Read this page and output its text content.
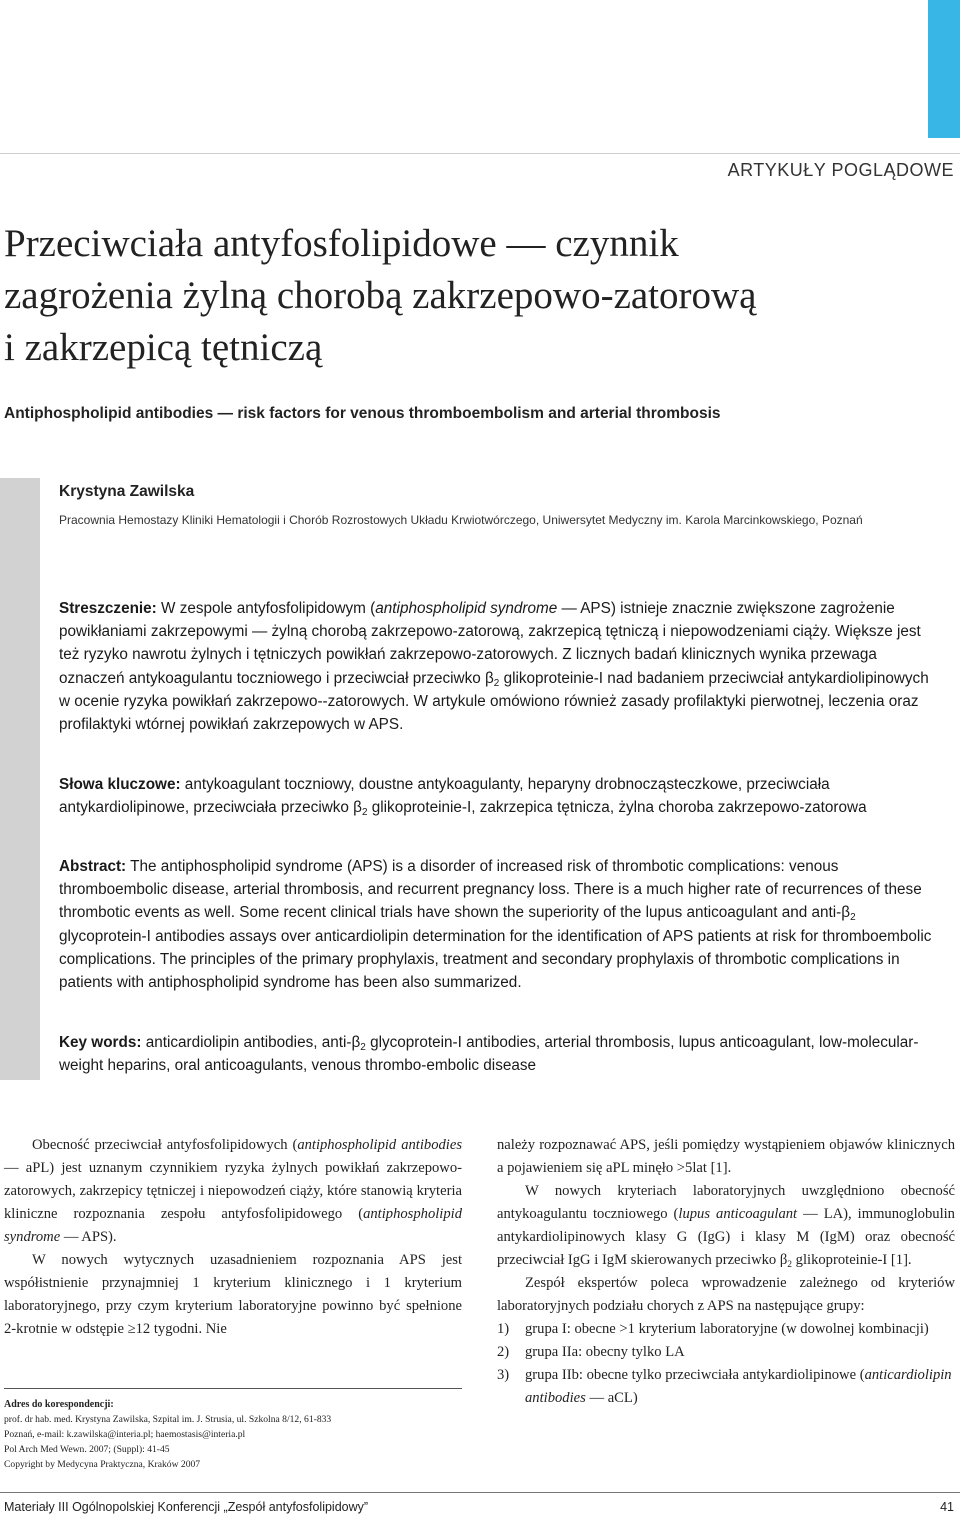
ARTYKUŁY POGLĄDOWE
Przeciwciała antyfosfolipidowe — czynnik
zagrożenia żylną chorobą zakrzepowo-zatorową
i zakrzepicą tętniczą
Antiphospholipid antibodies — risk factors for venous thromboembolism and arterial thrombosis
Krystyna Zawilska
Pracownia Hemostazy Kliniki Hematologii i Chorób Rozrostowych Układu Krwiotwórczego, Uniwersytet Medyczny im. Karola Marcinkowskiego, Poznań
Streszczenie: W zespole antyfosfolipidowym (antiphospholipid syndrome — APS) istnieje znacznie zwiększone zagrożenie powikłaniami zakrzepowymi — żylną chorobą zakrzepowo-zatorową, zakrzepicą tętniczą i niepowodzeniami ciąży. Większe jest też ryzyko nawrotu żylnych i tętniczych powikłań zakrzepowo-zatorowych. Z licznych badań klinicznych wynika przewaga oznaczeń antykoagulantu toczniowego i przeciwciał przeciwko $\beta_2$ glikoproteinie-I nad badaniem przeciwciał antykardiolipinowych w ocenie ryzyka powikłań zakrzepowo--zatorowych. W artykule omówiono również zasady profilaktyki pierwotnej, leczenia oraz profilaktyki wtórnej powikłań zakrzepowych w APS.
Słowa kluczowe: antykoagulant toczniowy, doustne antykoagulanty, heparyny drobnocząsteczkowe, przeciwciała antykardiolipinowe, przeciwciała przeciwko $\beta_2$ glikoproteinie-I, zakrzepica tętnicza, żylna choroba zakrzepowo-zatorowa
Abstract: The antiphospholipid syndrome (APS) is a disorder of increased risk of thrombotic complications: venous thromboembolic disease, arterial thrombosis, and recurrent pregnancy loss. There is a much higher rate of recurrences of these thrombotic events as well. Some recent clinical trials have shown the superiority of the lupus anticoagulant and anti-$\beta_2$ glycoprotein-I antibodies assays over anticardiolipin determination for the identification of APS patients at risk for thromboembolic complications. The principles of the primary prophylaxis, treatment and secondary prophylaxis of thrombotic complications in patients with antiphospholipid syndrome has been also summarized.
Key words: anticardiolipin antibodies, anti-$\beta_2$ glycoprotein-I antibodies, arterial thrombosis, lupus anticoagulant, low-molecular-weight heparins, oral anticoagulants, venous thrombo-embolic disease

Obecność przeciwciał antyfosfolipidowych (antiphospholipid antibodies — aPL) jest uznanym czynnikiem ryzyka żylnych powikłań zakrzepowo-zatorowych, zakrzepicy tętniczej i niepowodzeń ciąży, które stanowią kryteria kliniczne rozpoznania zespołu antyfosfolipidowego (antiphospholipid syndrome — APS).

W nowych wytycznych uzasadnieniem rozpoznania APS jest współistnienie przynajmniej 1 kryterium klinicznego i 1 kryterium laboratoryjnego, przy czym kryterium laboratoryjne powinno być spełnione 2-krotnie w odstępie ≥12 tygodni. Nie

Adres do korespondencji:
prof. dr hab. med. Krystyna Zawilska, Szpital im. J. Strusia, ul. Szkolna 8/12, 61-833
Poznań, e-mail: k.zawilska@interia.pl; haemostasis@interia.pl
Pol Arch Med Wewn. 2007; (Suppl): 41-45
Copyright by Medycyna Praktyczna, Kraków 2007

należy rozpoznawać APS, jeśli pomiędzy wystąpieniem objawów klinicznych a pojawieniem się aPL minęło >5lat [1].

W nowych kryteriach laboratoryjnych uwzględniono obecność antykoagulantu toczniowego (lupus anticoagulant — LA), immunoglobulin antykardiolipinowych klasy G (IgG) i klasy M (IgM) oraz obecność przeciwciał IgG i IgM skierowanych przeciwko $\beta_2$ glikoproteinie-I [1].

Zespół ekspertów poleca wprowadzenie zależnego od kryteriów laboratoryjnych podziału chorych z APS na następujące grupy:

1)	grupa I: obecne >1 kryterium laboratoryjne (w dowolnej kombinacji)
2)	grupa IIa: obecny tylko LA
3)	grupa IIb: obecne tylko przeciwciała antykardiolipinowe (anticardiolipin antibodies — aCL)
Materiały III Ogólnopolskiej Konferencji „Zespół antyfosfolipidowy”	41
